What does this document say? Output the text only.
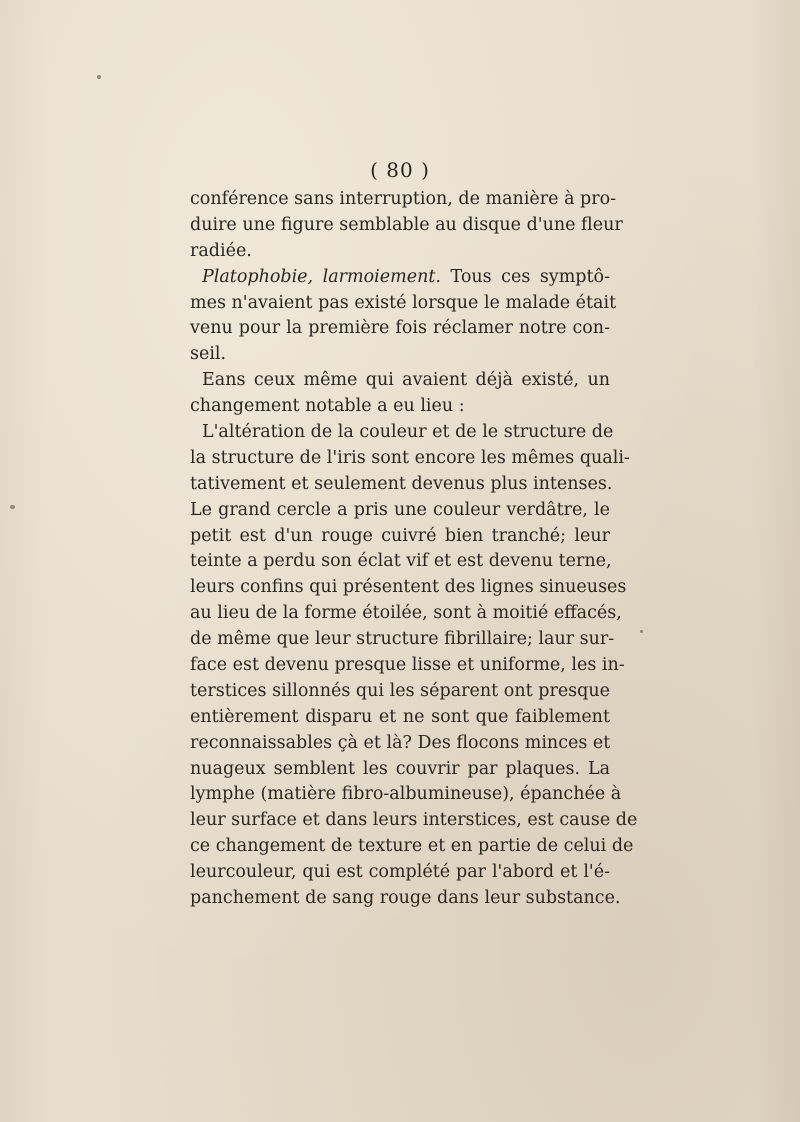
( 80 )
conférence sans interruption, de manière à pro-
duire une figure semblable au disque d'une fleur
radiée.
Platophobie, larmoiement. Tous ces symptô-
mes n'avaient pas existé lorsque le malade était
venu pour la première fois réclamer notre con-
seil.
Eans ceux même qui avaient déjà existé, un
changement notable a eu lieu :
L'altération de la couleur et de le structure de
la structure de l'iris sont encore les mêmes quali-
tativement et seulement devenus plus intenses.
Le grand cercle a pris une couleur verdâtre, le
petit est d'un rouge cuivré bien tranché; leur
teinte a perdu son éclat vif et est devenu terne,
leurs confins qui présentent des lignes sinueuses
au lieu de la forme étoilée, sont à moitié effacés,
de même que leur structure fibrillaire; laur sur-
face est devenu presque lisse et uniforme, les in-
terstices sillonnés qui les séparent ont presque
entièrement disparu et ne sont que faiblement
reconnaissables çà et là? Des flocons minces et
nuageux semblent les couvrir par plaques. La
lymphe (matière fibro-albumineuse), épanchée à
leur surface et dans leurs interstices, est cause de
ce changement de texture et en partie de celui de
leurcouleur, qui est complété par l'abord et l'é-
panchement de sang rouge dans leur substance.
